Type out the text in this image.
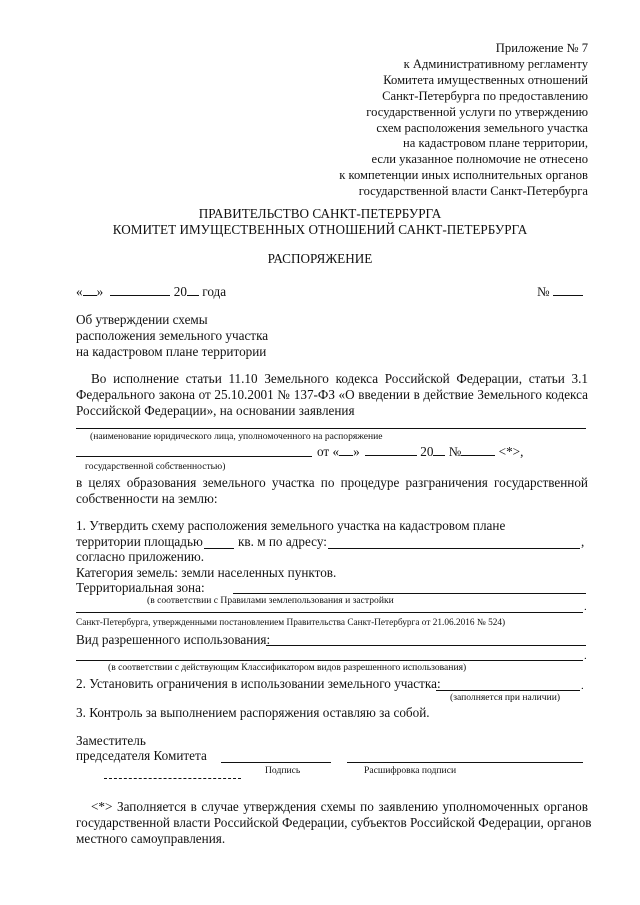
Приложение № 7
к Административному регламенту
Комитета имущественных отношений
Санкт-Петербурга по предоставлению
государственной услуги по утверждению
схем расположения земельного участка
на кадастровом плане территории,
если указанное полномочие не отнесено
к компетенции иных исполнительных органов
государственной власти Санкт-Петербурга
ПРАВИТЕЛЬСТВО САНКТ-ПЕТЕРБУРГА
КОМИТЕТ ИМУЩЕСТВЕННЫХ ОТНОШЕНИЙ САНКТ-ПЕТЕРБУРГА
РАСПОРЯЖЕНИЕ
« »	20 года	№
Об утверждении схемы
расположения земельного участка
на кадастровом плане территории
Во исполнение статьи 11.10 Земельного кодекса Российской Федерации, статьи 3.1
Федерального закона от 25.10.2001 № 137-ФЗ «О введении в действие Земельного кодекса
Российской Федерации», на основании заявления
(наименование юридического лица, уполномоченного на распоряжение
от « »	20 №	<*>,
государственной собственностью)
в целях образования земельного участка по процедуре разграничения государственной
собственности на землю:
1. Утвердить схему расположения земельного участка на кадастровом плане
территории площадью	кв. м по адресу:	,
согласно приложению.
Категория земель: земли населенных пунктов.
Территориальная зона:
(в соответствии с Правилами землепользования и застройки
.
Санкт-Петербурга, утвержденными постановлением Правительства Санкт-Петербурга от 21.06.2016 № 524)
Вид разрешенного использования:
.
(в соответствии с действующим Классификатором видов разрешенного использования)
2. Установить ограничения в использовании земельного участка:	.
(заполняется при наличии)
3. Контроль за выполнением распоряжения оставляю за собой.
Заместитель
председателя Комитета
Подпись	Расшифровка подписи
<*> Заполняется в случае утверждения схемы по заявлению уполномоченных органов
государственной власти Российской Федерации, субъектов Российской Федерации, органов
местного самоуправления.
